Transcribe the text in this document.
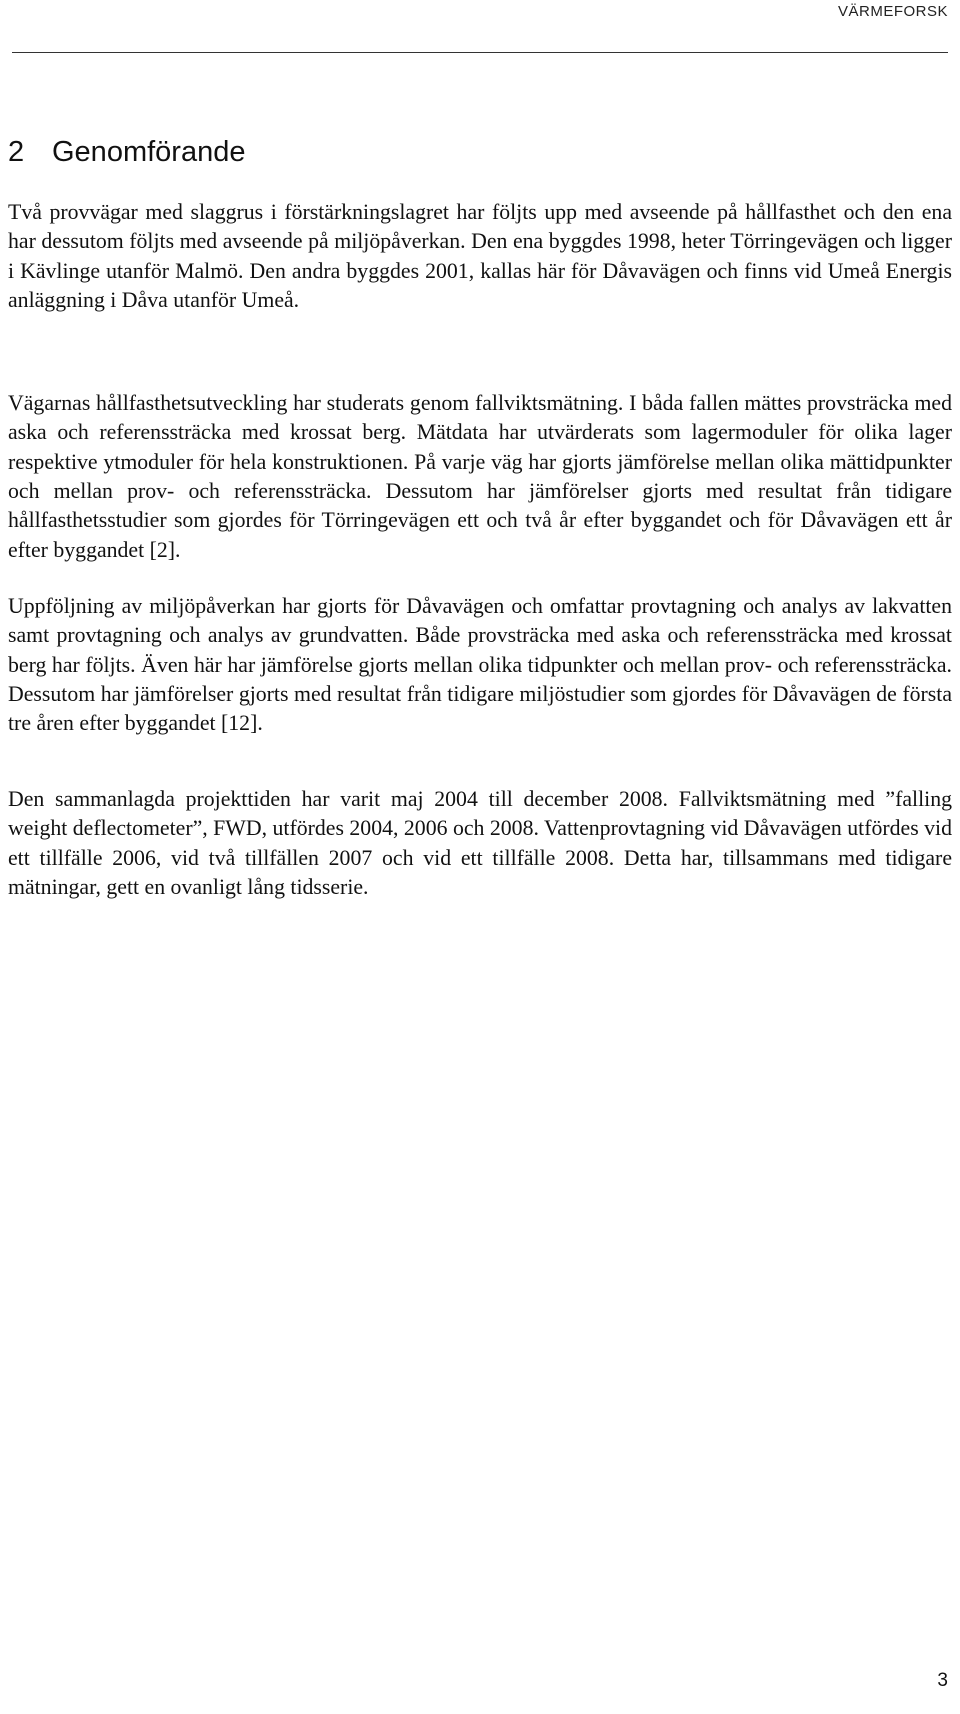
VÄRMEFORSK
2 Genomförande

Två provvägar med slaggrus i förstärkningslagret har följts upp med avseende på hållfasthet och den ena har dessutom följts med avseende på miljöpåverkan. Den ena byggdes 1998, heter Törringevägen och ligger i Kävlinge utanför Malmö. Den andra byggdes 2001, kallas här för Dåvavägen och finns vid Umeå Energis anläggning i Dåva utanför Umeå.

Vägarnas hållfasthetsutveckling har studerats genom fallviktsmätning. I båda fallen mättes provsträcka med aska och referenssträcka med krossat berg. Mätdata har utvärderats som lagermoduler för olika lager respektive ytmoduler för hela konstruktionen. På varje väg har gjorts jämförelse mellan olika mättidpunkter och mellan prov- och referenssträcka. Dessutom har jämförelser gjorts med resultat från tidigare hållfasthetsstudier som gjordes för Törringevägen ett och två år efter byggandet och för Dåvavägen ett år efter byggandet [2].

Uppföljning av miljöpåverkan har gjorts för Dåvavägen och omfattar provtagning och analys av lakvatten samt provtagning och analys av grundvatten. Både provsträcka med aska och referenssträcka med krossat berg har följts. Även här har jämförelse gjorts mellan olika tidpunkter och mellan prov- och referenssträcka. Dessutom har jämförelser gjorts med resultat från tidigare miljöstudier som gjordes för Dåvavägen de första tre åren efter byggandet [12].

Den sammanlagda projekttiden har varit maj 2004 till december 2008. Fallviktsmätning med ”falling weight deflectometer”, FWD, utfördes 2004, 2006 och 2008. Vattenprovtagning vid Dåvavägen utfördes vid ett tillfälle 2006, vid två tillfällen 2007 och vid ett tillfälle 2008. Detta har, tillsammans med tidigare mätningar, gett en ovanligt lång tidsserie.

3
